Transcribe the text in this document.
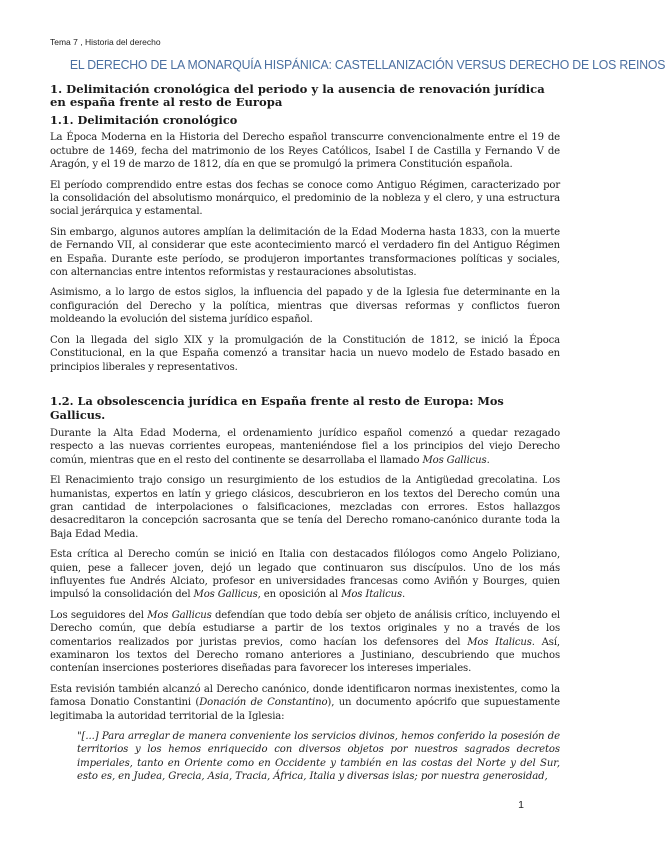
Tema 7 , Historia del derecho
EL DERECHO DE LA MONARQUÍA HISPÁNICA: CASTELLANIZACIÓN VERSUS DERECHO DE LOS REINOS
1. Delimitación cronológica del periodo y la ausencia de renovación jurídica en españa frente al resto de Europa
1.1. Delimitación cronológico

La Época Moderna en la Historia del Derecho español transcurre convencionalmente entre el 19 de octubre de 1469, fecha del matrimonio de los Reyes Católicos, Isabel I de Castilla y Fernando V de Aragón, y el 19 de marzo de 1812, día en que se promulgó la primera Constitución española.

El período comprendido entre estas dos fechas se conoce como Antiguo Régimen, caracterizado por la consolidación del absolutismo monárquico, el predominio de la nobleza y el clero, y una estructura social jerárquica y estamental.

Sin embargo, algunos autores amplían la delimitación de la Edad Moderna hasta 1833, con la muerte de Fernando VII, al considerar que este acontecimiento marcó el verdadero fin del Antiguo Régimen en España. Durante este período, se produjeron importantes transformaciones políticas y sociales, con alternancias entre intentos reformistas y restauraciones absolutistas.

Asimismo, a lo largo de estos siglos, la influencia del papado y de la Iglesia fue determinante en la configuración del Derecho y la política, mientras que diversas reformas y conflictos fueron moldeando la evolución del sistema jurídico español.

Con la llegada del siglo XIX y la promulgación de la Constitución de 1812, se inició la Época Constitucional, en la que España comenzó a transitar hacia un nuevo modelo de Estado basado en principios liberales y representativos.

1.2. La obsolescencia jurídica en España frente al resto de Europa: Mos Gallicus.

Durante la Alta Edad Moderna, el ordenamiento jurídico español comenzó a quedar rezagado respecto a las nuevas corrientes europeas, manteniéndose fiel a los principios del viejo Derecho común, mientras que en el resto del continente se desarrollaba el llamado Mos Gallicus.

El Renacimiento trajo consigo un resurgimiento de los estudios de la Antigüedad grecolatina. Los humanistas, expertos en latín y griego clásicos, descubrieron en los textos del Derecho común una gran cantidad de interpolaciones o falsificaciones, mezcladas con errores. Estos hallazgos desacreditaron la concepción sacrosanta que se tenía del Derecho romano-canónico durante toda la Baja Edad Media.

Esta crítica al Derecho común se inició en Italia con destacados filólogos como Angelo Poliziano, quien, pese a fallecer joven, dejó un legado que continuaron sus discípulos. Uno de los más influyentes fue Andrés Alciato, profesor en universidades francesas como Aviñón y Bourges, quien impulsó la consolidación del Mos Gallicus, en oposición al Mos Italicus.

Los seguidores del Mos Gallicus defendían que todo debía ser objeto de análisis crítico, incluyendo el Derecho común, que debía estudiarse a partir de los textos originales y no a través de los comentarios realizados por juristas previos, como hacían los defensores del Mos Italicus. Así, examinaron los textos del Derecho romano anteriores a Justiniano, descubriendo que muchos contenían inserciones posteriores diseñadas para favorecer los intereses imperiales.

Esta revisión también alcanzó al Derecho canónico, donde identificaron normas inexistentes, como la famosa Donatio Constantini (Donación de Constantino), un documento apócrifo que supuestamente legitimaba la autoridad territorial de la Iglesia:

"[...] Para arreglar de manera conveniente los servicios divinos, hemos conferido la posesión de territorios y los hemos enriquecido con diversos objetos por nuestros sagrados decretos imperiales, tanto en Oriente como en Occidente y también en las costas del Norte y del Sur, esto es, en Judea, Grecia, Asia, Tracia, África, Italia y diversas islas; por nuestra generosidad,
1
